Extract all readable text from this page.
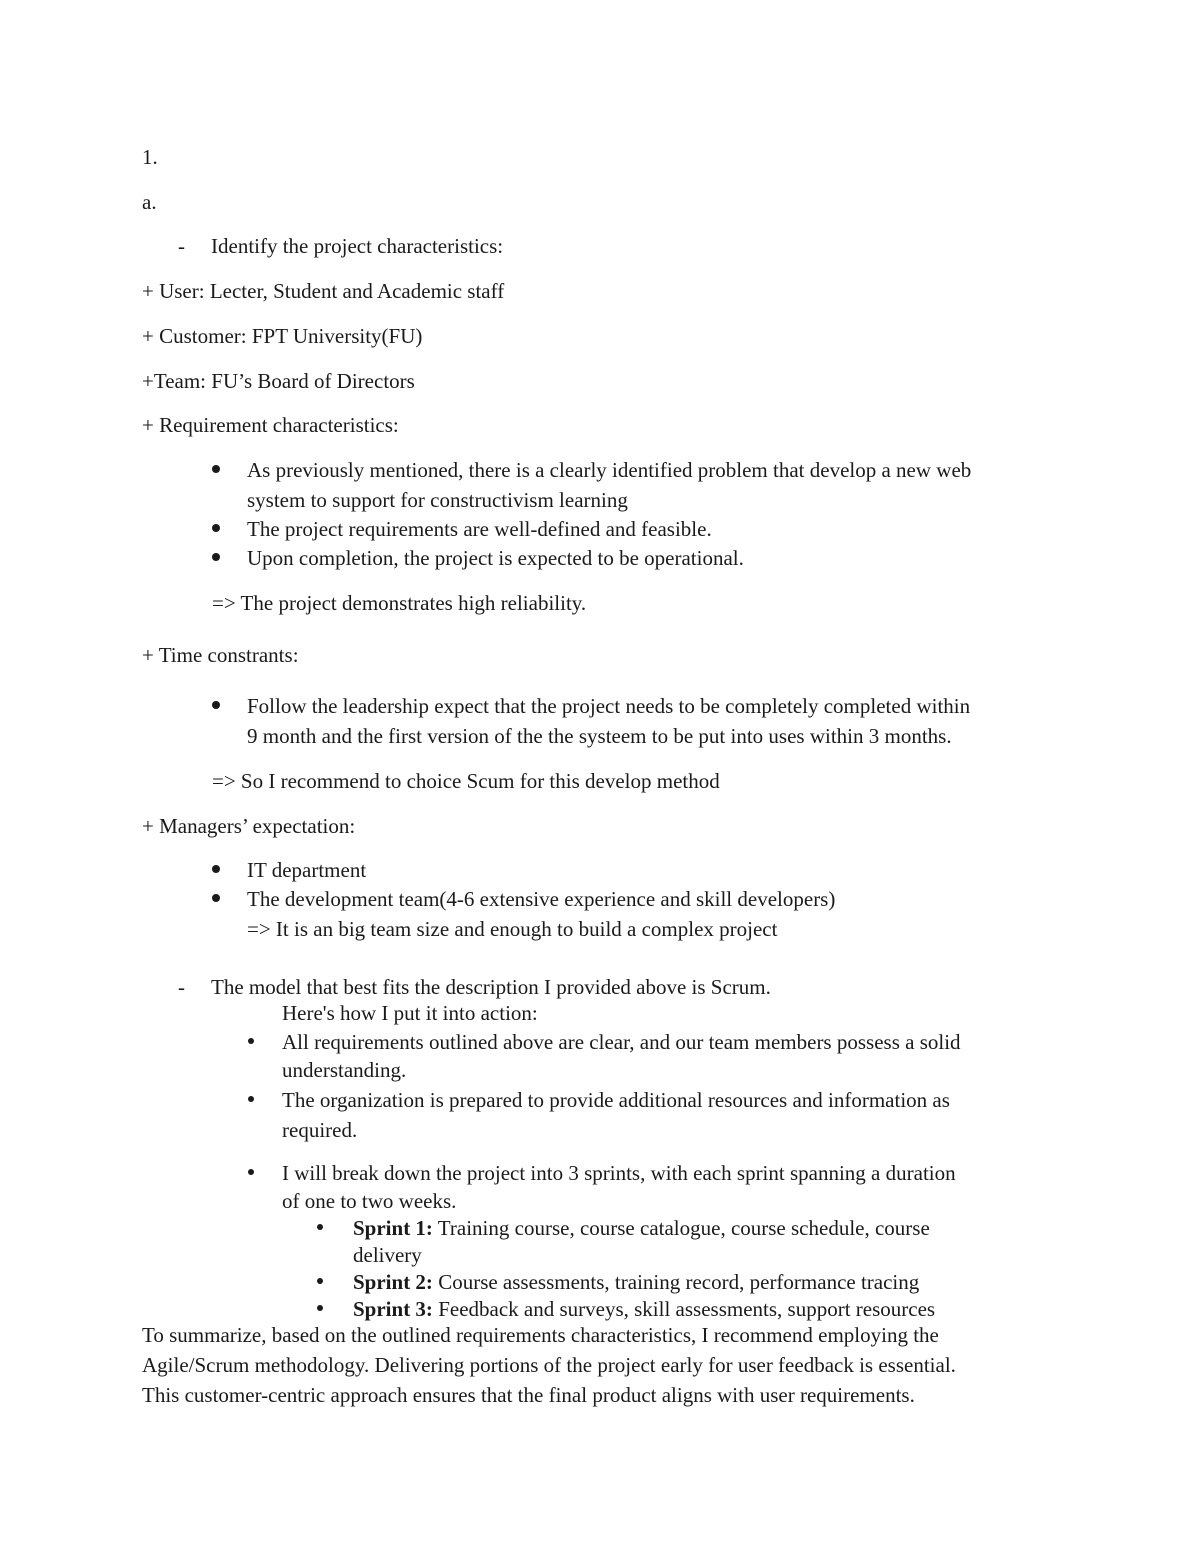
1.
a.
- Identify the project characteristics:
+ User: Lecter, Student and Academic staff
+ Customer: FPT University(FU)
+Team: FU’s Board of Directors
+ Requirement characteristics:
As previously mentioned, there is a clearly identified problem that develop a new web
system to support for constructivism learning
The project requirements are well-defined and feasible.
Upon completion, the project is expected to be operational.
=> The project demonstrates high reliability.
+ Time constrants:
Follow the leadership expect that the project needs to be completely completed within
9 month and the first version of the the systeem to be put into uses within 3 months.
=> So I recommend to choice Scum for this develop method
+ Managers’ expectation:
IT department
The development team(4-6 extensive experience and skill developers)
=> It is an big team size and enough to build a complex project
- The model that best fits the description I provided above is Scrum.
Here's how I put it into action:
All requirements outlined above are clear, and our team members possess a solid
understanding.
The organization is prepared to provide additional resources and information as
required.
I will break down the project into 3 sprints, with each sprint spanning a duration
of one to two weeks.
Sprint 1: Training course, course catalogue, course schedule, course
delivery
Sprint 2: Course assessments, training record, performance tracing
Sprint 3: Feedback and surveys, skill assessments, support resources
To summarize, based on the outlined requirements characteristics, I recommend employing the
Agile/Scrum methodology. Delivering portions of the project early for user feedback is essential.
This customer-centric approach ensures that the final product aligns with user requirements.
